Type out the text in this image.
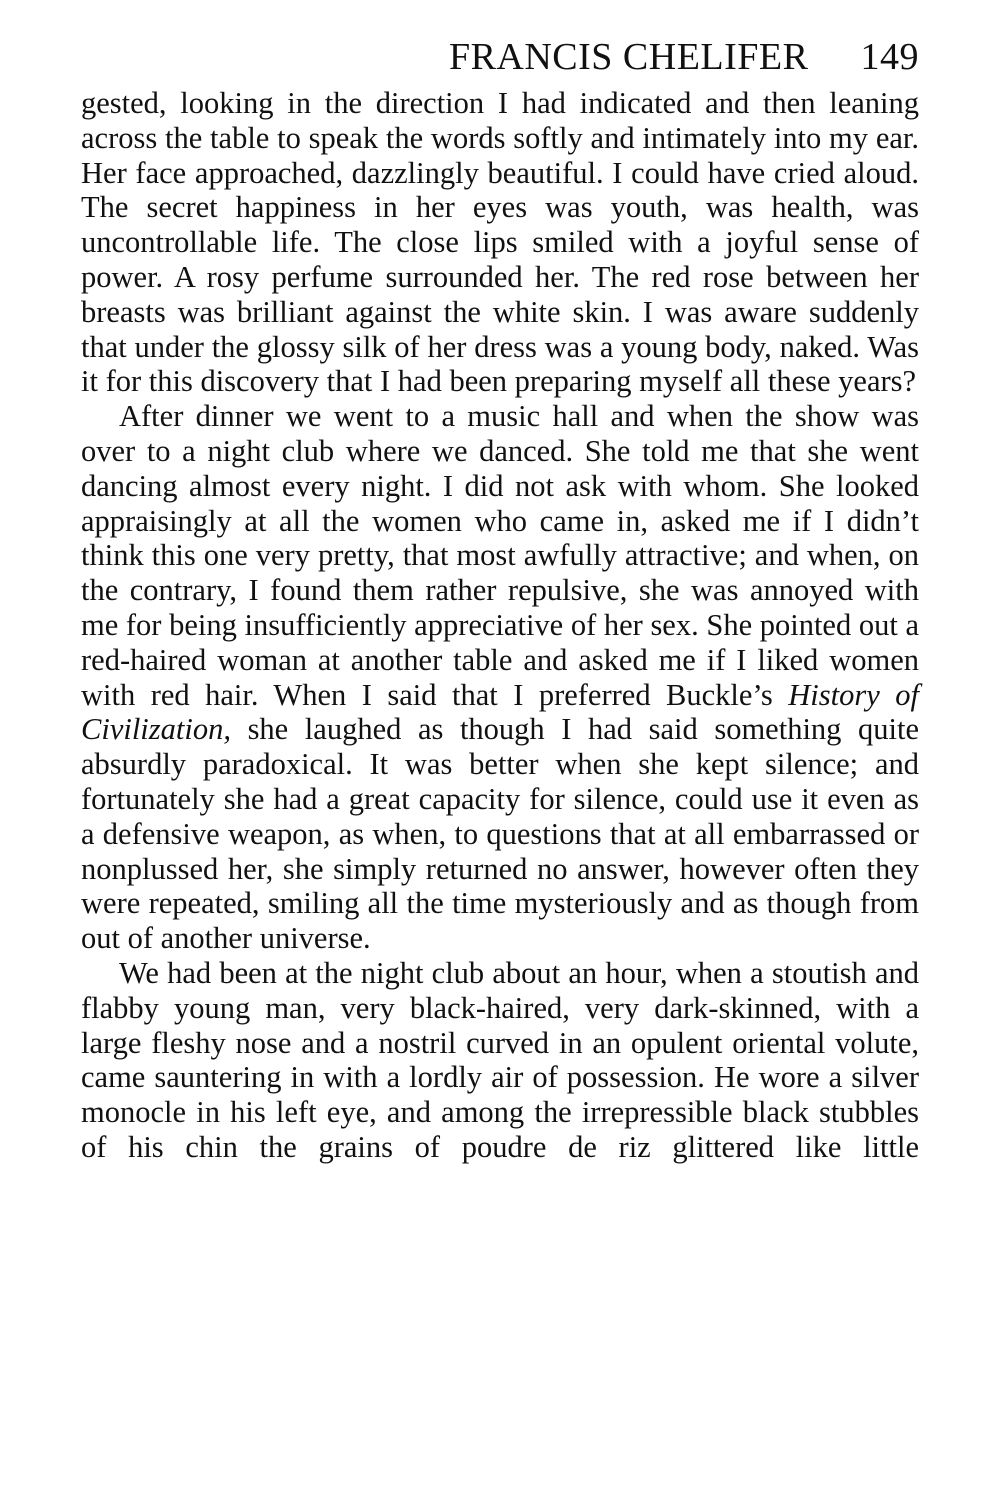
FRANCIS CHELIFER 149

gested, looking in the direction I had indicated and then leaning across the table to speak the words softly and intimately into my ear. Her face approached, dazzlingly beautiful. I could have cried aloud. The secret happiness in her eyes was youth, was health, was uncontrollable life. The close lips smiled with a joyful sense of power. A rosy perfume surrounded her. The red rose between her breasts was brilliant against the white skin. I was aware suddenly that under the glossy silk of her dress was a young body, naked. Was it for this discovery that I had been preparing myself all these years?

After dinner we went to a music hall and when the show was over to a night club where we danced. She told me that she went dancing almost every night. I did not ask with whom. She looked appraisingly at all the women who came in, asked me if I didn’t think this one very pretty, that most awfully attractive; and when, on the contrary, I found them rather repulsive, she was annoyed with me for being insufficiently appreciative of her sex. She pointed out a red-haired woman at another table and asked me if I liked women with red hair. When I said that I preferred Buckle’s History of Civilization, she laughed as though I had said something quite absurdly paradoxical. It was better when she kept silence; and fortunately she had a great capacity for silence, could use it even as a defensive weapon, as when, to questions that at all embarrassed or nonplussed her, she simply returned no answer, however often they were repeated, smiling all the time mysteriously and as though from out of another universe.

We had been at the night club about an hour, when a stoutish and flabby young man, very black-haired, very dark-skinned, with a large fleshy nose and a nostril curved in an opulent oriental volute, came sauntering in with a lordly air of possession. He wore a silver monocle in his left eye, and among the irrepressible black stubbles of his chin the grains of poudre de riz glittered like little
